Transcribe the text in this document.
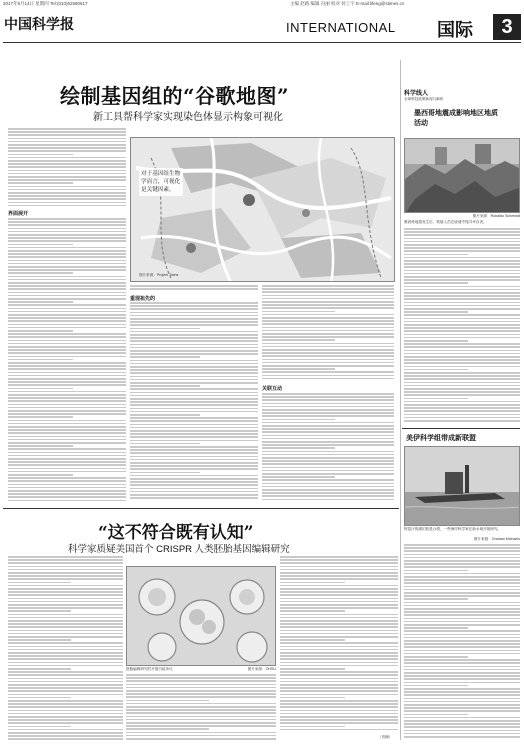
2017年9月14日 星期四 Tel:(010)62580617	主编 赵路 编辑 冯丽 校对 何工宇 E-mail:lifeng@stimes.cn
中国科学报	INTERNATIONAL 国际	3
绘制基因组的“谷歌地图”
新工具帮科学家实现染色体显示构象可视化
界面展开
重现祖先的
关联互动
对于基因组生物学而言，可视化是关键因素。
图片来源：Project Twins
科学线人
全球科技政策新闻与解析
墨西哥地震成影响地区地质活动
图片来源：Ronaldo Schemidt
墨西哥地震发生后，救援人员在废墟中搜寻幸存者。
美伊科学组带成新联盟
阿富汗的湖泊曾是沙漠，一些海岸科学家在新水域开展研究。
图片来源：Graham Michaels
“这不符合既有认知”
科学家质疑美国首个 CRISPR 人类胚胎基因编辑研究
胚胎编辑研究的开展引起争议	图片来源：OHSU
（晋楠）
